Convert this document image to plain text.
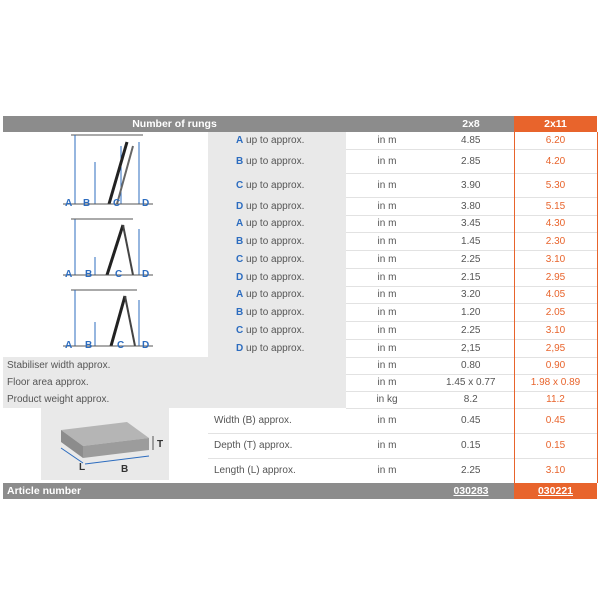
Number of rungs			2x8	2x11

A B C D	A up to approx.	in m	4.85	6.20
	B up to approx.	in m	2.85	4.20
	C up to approx.	in m	3.90	5.30
	D up to approx.	in m	3.80	5.15

A B C D	A up to approx.	in m	3.45	4.30
	B up to approx.	in m	1.45	2.30
	C up to approx.	in m	2.25	3.10
	D up to approx.	in m	2.15	2.95

A B C D	A up to approx.	in m	3.20	4.05
	B up to approx.	in m	1.20	2.05
	C up to approx.	in m	2.25	3.10
	D up to approx.	in m	2,15	2,95
Stabiliser width approx.		in m	0.80	0.90
Floor area approx.		in m	1.45 x 0.77	1.98 x 0.89
Product weight approx.		in kg	8.2	11.2

T
L B	Width (B) approx.	in m	0.45	0.45
	Depth (T) approx.	in m	0.15	0.15
	Length (L) approx.	in m	2.25	3.10
Article number			030283	030221
